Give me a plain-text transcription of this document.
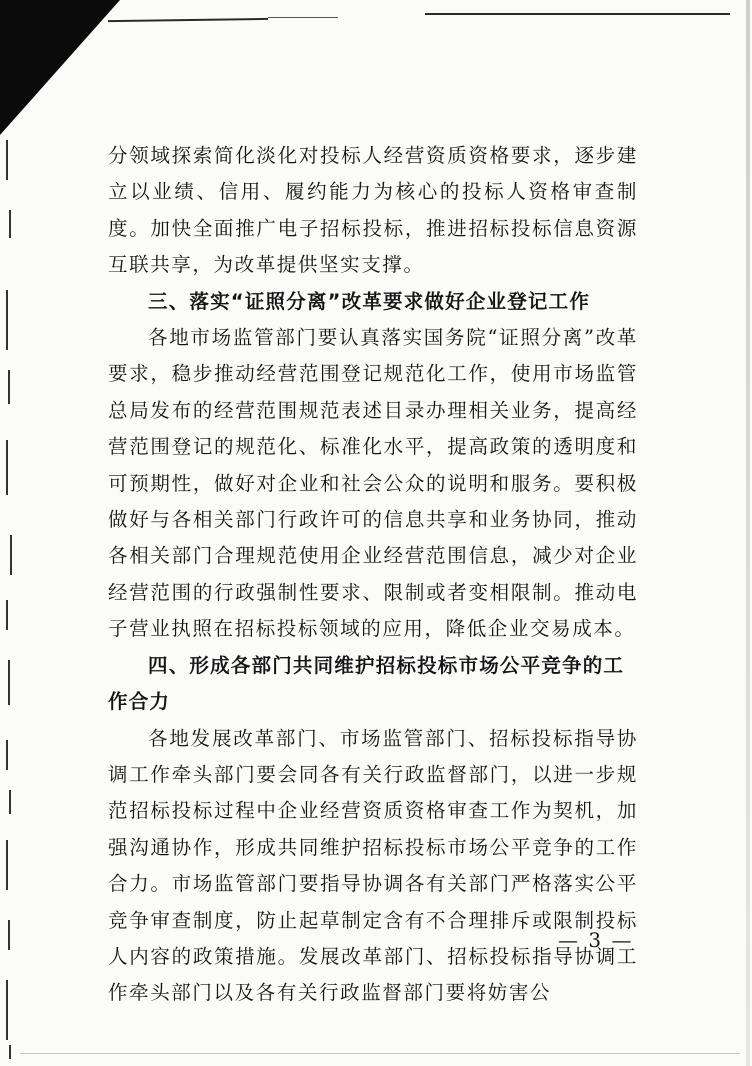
分领域探索简化淡化对投标人经营资质资格要求，逐步建立以业绩、信用、履约能力为核心的投标人资格审查制度。加快全面推广电子招标投标，推进招标投标信息资源互联共享，为改革提供坚实支撑。

三、落实“证照分离”改革要求做好企业登记工作

各地市场监管部门要认真落实国务院“证照分离”改革要求，稳步推动经营范围登记规范化工作，使用市场监管总局发布的经营范围规范表述目录办理相关业务，提高经营范围登记的规范化、标准化水平，提高政策的透明度和可预期性，做好对企业和社会公众的说明和服务。要积极做好与各相关部门行政许可的信息共享和业务协同，推动各相关部门合理规范使用企业经营范围信息，减少对企业经营范围的行政强制性要求、限制或者变相限制。推动电子营业执照在招标投标领域的应用，降低企业交易成本。

四、形成各部门共同维护招标投标市场公平竞争的工作合力

各地发展改革部门、市场监管部门、招标投标指导协调工作牵头部门要会同各有关行政监督部门，以进一步规范招标投标过程中企业经营资质资格审查工作为契机，加强沟通协作，形成共同维护招标投标市场公平竞争的工作合力。市场监管部门要指导协调各有关部门严格落实公平竞争审查制度，防止起草制定含有不合理排斥或限制投标人内容的政策措施。发展改革部门、招标投标指导协调工作牵头部门以及各有关行政监督部门要将妨害公

— 3 —
